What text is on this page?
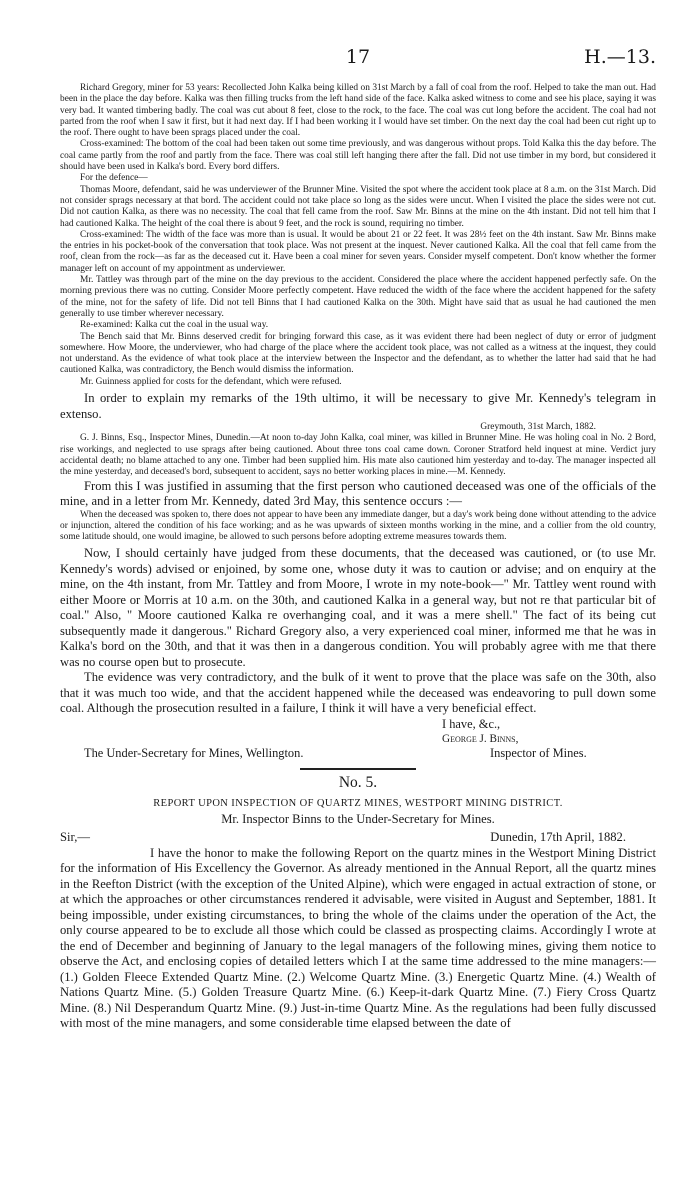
17	H.—13.

Richard Gregory, miner for 53 years: Recollected John Kalka being killed on 31st March by a fall of coal from the roof. Helped to take the man out. Had been in the place the day before. Kalka was then filling trucks from the left hand side of the face. Kalka asked witness to come and see his place, saying it was very bad. It wanted timbering badly. The coal was cut about 8 feet, close to the rock, to the face. The coal was cut long before the accident. The coal had not parted from the roof when I saw it first, but it had next day. If I had been working it I would have set timber. On the next day the coal had been cut right up to the roof. There ought to have been sprags placed under the coal.

Cross-examined: The bottom of the coal had been taken out some time previously, and was dangerous without props. Told Kalka this the day before. The coal came partly from the roof and partly from the face. There was coal still left hanging there after the fall. Did not use timber in my bord, but considered it should have been used in Kalka's bord. Every bord differs.

For the defence—

Thomas Moore, defendant, said he was underviewer of the Brunner Mine. Visited the spot where the accident took place at 8 a.m. on the 31st March. Did not consider sprags necessary at that bord. The accident could not take place so long as the sides were uncut. When I visited the place the sides were not cut. Did not caution Kalka, as there was no necessity. The coal that fell came from the roof. Saw Mr. Binns at the mine on the 4th instant. Did not tell him that I had cautioned Kalka. The height of the coal there is about 9 feet, and the rock is sound, requiring no timber.

Cross-examined: The width of the face was more than is usual. It would be about 21 or 22 feet. It was 28½ feet on the 4th instant. Saw Mr. Binns make the entries in his pocket-book of the conversation that took place. Was not present at the inquest. Never cautioned Kalka. All the coal that fell came from the roof, clean from the rock—as far as the deceased cut it. Have been a coal miner for seven years. Consider myself competent. Don't know whether the former manager left on account of my appointment as underviewer.

Mr. Tattley was through part of the mine on the day previous to the accident. Considered the place where the accident happened perfectly safe. On the morning previous there was no cutting. Consider Moore perfectly competent. Have reduced the width of the face where the accident happened for the safety of the mine, not for the safety of life. Did not tell Binns that I had cautioned Kalka on the 30th. Might have said that as usual he had cautioned the men generally to use timber wherever necessary.

Re-examined: Kalka cut the coal in the usual way.

The Bench said that Mr. Binns deserved credit for bringing forward this case, as it was evident there had been neglect of duty or error of judgment somewhere. How Moore, the underviewer, who had charge of the place where the accident took place, was not called as a witness at the inquest, they could not understand. As the evidence of what took place at the interview between the Inspector and the defendant, as to whether the latter had said that he had cautioned Kalka, was contradictory, the Bench would dismiss the information.

Mr. Guinness applied for costs for the defendant, which were refused.

In order to explain my remarks of the 19th ultimo, it will be necessary to give Mr. Kennedy's telegram in extenso.

Greymouth, 31st March, 1882.

G. J. Binns, Esq., Inspector Mines, Dunedin.—At noon to-day John Kalka, coal miner, was killed in Brunner Mine. He was holing coal in No. 2 Bord, rise workings, and neglected to use sprags after being cautioned. About three tons coal came down. Coroner Stratford held inquest at mine. Verdict jury accidental death; no blame attached to any one. Timber had been supplied him. His mate also cautioned him yesterday and to-day. The manager inspected all the mine yesterday, and deceased's bord, subsequent to accident, says no better working places in mine.—M. Kennedy.

From this I was justified in assuming that the first person who cautioned deceased was one of the officials of the mine, and in a letter from Mr. Kennedy, dated 3rd May, this sentence occurs :—

When the deceased was spoken to, there does not appear to have been any immediate danger, but a day's work being done without attending to the advice or injunction, altered the condition of his face working; and as he was upwards of sixteen months working in the mine, and a collier from the old country, some latitude should, one would imagine, be allowed to such persons before adopting extreme measures towards them.

Now, I should certainly have judged from these documents, that the deceased was cautioned, or (to use Mr. Kennedy's words) advised or enjoined, by some one, whose duty it was to caution or advise; and on enquiry at the mine, on the 4th instant, from Mr. Tattley and from Moore, I wrote in my note-book—" Mr. Tattley went round with either Moore or Morris at 10 a.m. on the 30th, and cautioned Kalka in a general way, but not re that particular bit of coal." Also, " Moore cautioned Kalka re overhanging coal, and it was a mere shell." The fact of its being cut subsequently made it dangerous." Richard Gregory also, a very experienced coal miner, informed me that he was in Kalka's bord on the 30th, and that it was then in a dangerous condition. You will probably agree with me that there was no course open but to prosecute.

The evidence was very contradictory, and the bulk of it went to prove that the place was safe on the 30th, also that it was much too wide, and that the accident happened while the deceased was endeavoring to pull down some coal. Although the prosecution resulted in a failure, I think it will have a very beneficial effect.

I have, &c.,
George J. Binns,
The Under-Secretary for Mines, Wellington.	Inspector of Mines.
No. 5.
REPORT UPON INSPECTION OF QUARTZ MINES, WESTPORT MINING DISTRICT.
Mr. Inspector Binns to the Under-Secretary for Mines.
Sir,—	Dunedin, 17th April, 1882.

I have the honor to make the following Report on the quartz mines in the Westport Mining District for the information of His Excellency the Governor. As already mentioned in the Annual Report, all the quartz mines in the Reefton District (with the exception of the United Alpine), which were engaged in actual extraction of stone, or at which the approaches or other circumstances rendered it advisable, were visited in August and September, 1881. It being impossible, under existing circumstances, to bring the whole of the claims under the operation of the Act, the only course appeared to be to exclude all those which could be classed as prospecting claims. Accordingly I wrote at the end of December and beginning of January to the legal managers of the following mines, giving them notice to observe the Act, and enclosing copies of detailed letters which I at the same time addressed to the mine managers:—(1.) Golden Fleece Extended Quartz Mine. (2.) Welcome Quartz Mine. (3.) Energetic Quartz Mine. (4.) Wealth of Nations Quartz Mine. (5.) Golden Treasure Quartz Mine. (6.) Keep-it-dark Quartz Mine. (7.) Fiery Cross Quartz Mine. (8.) Nil Desperandum Quartz Mine. (9.) Just-in-time Quartz Mine. As the regulations had been fully discussed with most of the mine managers, and some considerable time elapsed between the date of
